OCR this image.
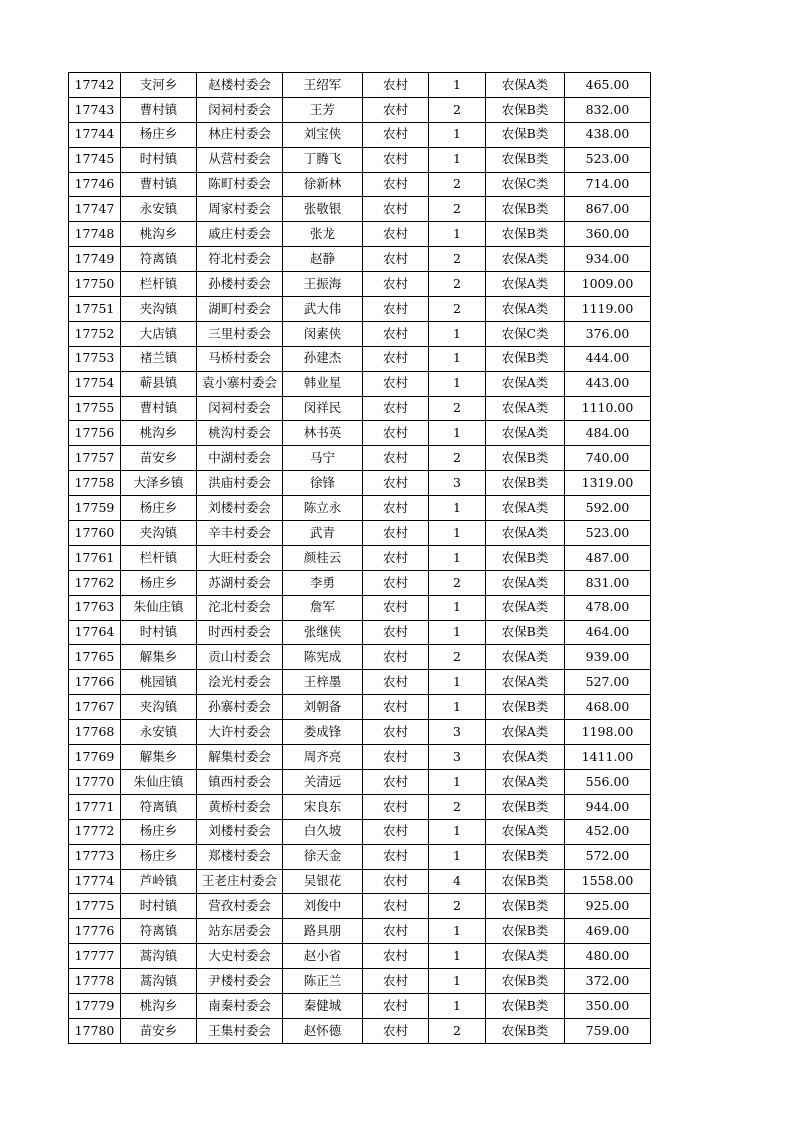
17742	支河乡	赵楼村委会	王绍军	农村	1	农保A类	465.00
17743	曹村镇	闵祠村委会	王芳	农村	2	农保B类	832.00
17744	杨庄乡	林庄村委会	刘宝侠	农村	1	农保B类	438.00
17745	时村镇	从营村委会	丁腾飞	农村	1	农保B类	523.00
17746	曹村镇	陈町村委会	徐新林	农村	2	农保C类	714.00
17747	永安镇	周家村委会	张敬银	农村	2	农保B类	867.00
17748	桃沟乡	戚庄村委会	张龙	农村	1	农保B类	360.00
17749	符离镇	符北村委会	赵静	农村	2	农保A类	934.00
17750	栏杆镇	孙楼村委会	王振海	农村	2	农保A类	1009.00
17751	夹沟镇	湖町村委会	武大伟	农村	2	农保A类	1119.00
17752	大店镇	三里村委会	闵素侠	农村	1	农保C类	376.00
17753	褚兰镇	马桥村委会	孙建杰	农村	1	农保B类	444.00
17754	蕲县镇	袁小寨村委会	韩业星	农村	1	农保A类	443.00
17755	曹村镇	闵祠村委会	闵祥民	农村	2	农保A类	1110.00
17756	桃沟乡	桃沟村委会	林书英	农村	1	农保A类	484.00
17757	苗安乡	中湖村委会	马宁	农村	2	农保B类	740.00
17758	大泽乡镇	洪庙村委会	徐锋	农村	3	农保B类	1319.00
17759	杨庄乡	刘楼村委会	陈立永	农村	1	农保A类	592.00
17760	夹沟镇	辛丰村委会	武青	农村	1	农保A类	523.00
17761	栏杆镇	大旺村委会	颜桂云	农村	1	农保B类	487.00
17762	杨庄乡	苏湖村委会	李勇	农村	2	农保A类	831.00
17763	朱仙庄镇	沱北村委会	詹军	农村	1	农保A类	478.00
17764	时村镇	时西村委会	张继侠	农村	1	农保B类	464.00
17765	解集乡	贡山村委会	陈宪成	农村	2	农保A类	939.00
17766	桃园镇	浍光村委会	王梓墨	农村	1	农保A类	527.00
17767	夹沟镇	孙寨村委会	刘朝备	农村	1	农保B类	468.00
17768	永安镇	大许村委会	娄成锋	农村	3	农保A类	1198.00
17769	解集乡	解集村委会	周齐亮	农村	3	农保A类	1411.00
17770	朱仙庄镇	镇西村委会	关清远	农村	1	农保A类	556.00
17771	符离镇	黄桥村委会	宋良东	农村	2	农保B类	944.00
17772	杨庄乡	刘楼村委会	白久坡	农村	1	农保A类	452.00
17773	杨庄乡	郑楼村委会	徐天金	农村	1	农保B类	572.00
17774	芦岭镇	王老庄村委会	吴银花	农村	4	农保B类	1558.00
17775	时村镇	营孜村委会	刘俊中	农村	2	农保B类	925.00
17776	符离镇	站东居委会	路具朋	农村	1	农保B类	469.00
17777	蒿沟镇	大史村委会	赵小省	农村	1	农保A类	480.00
17778	蒿沟镇	尹楼村委会	陈正兰	农村	1	农保B类	372.00
17779	桃沟乡	南秦村委会	秦健城	农村	1	农保B类	350.00
17780	苗安乡	王集村委会	赵怀德	农村	2	农保B类	759.00
